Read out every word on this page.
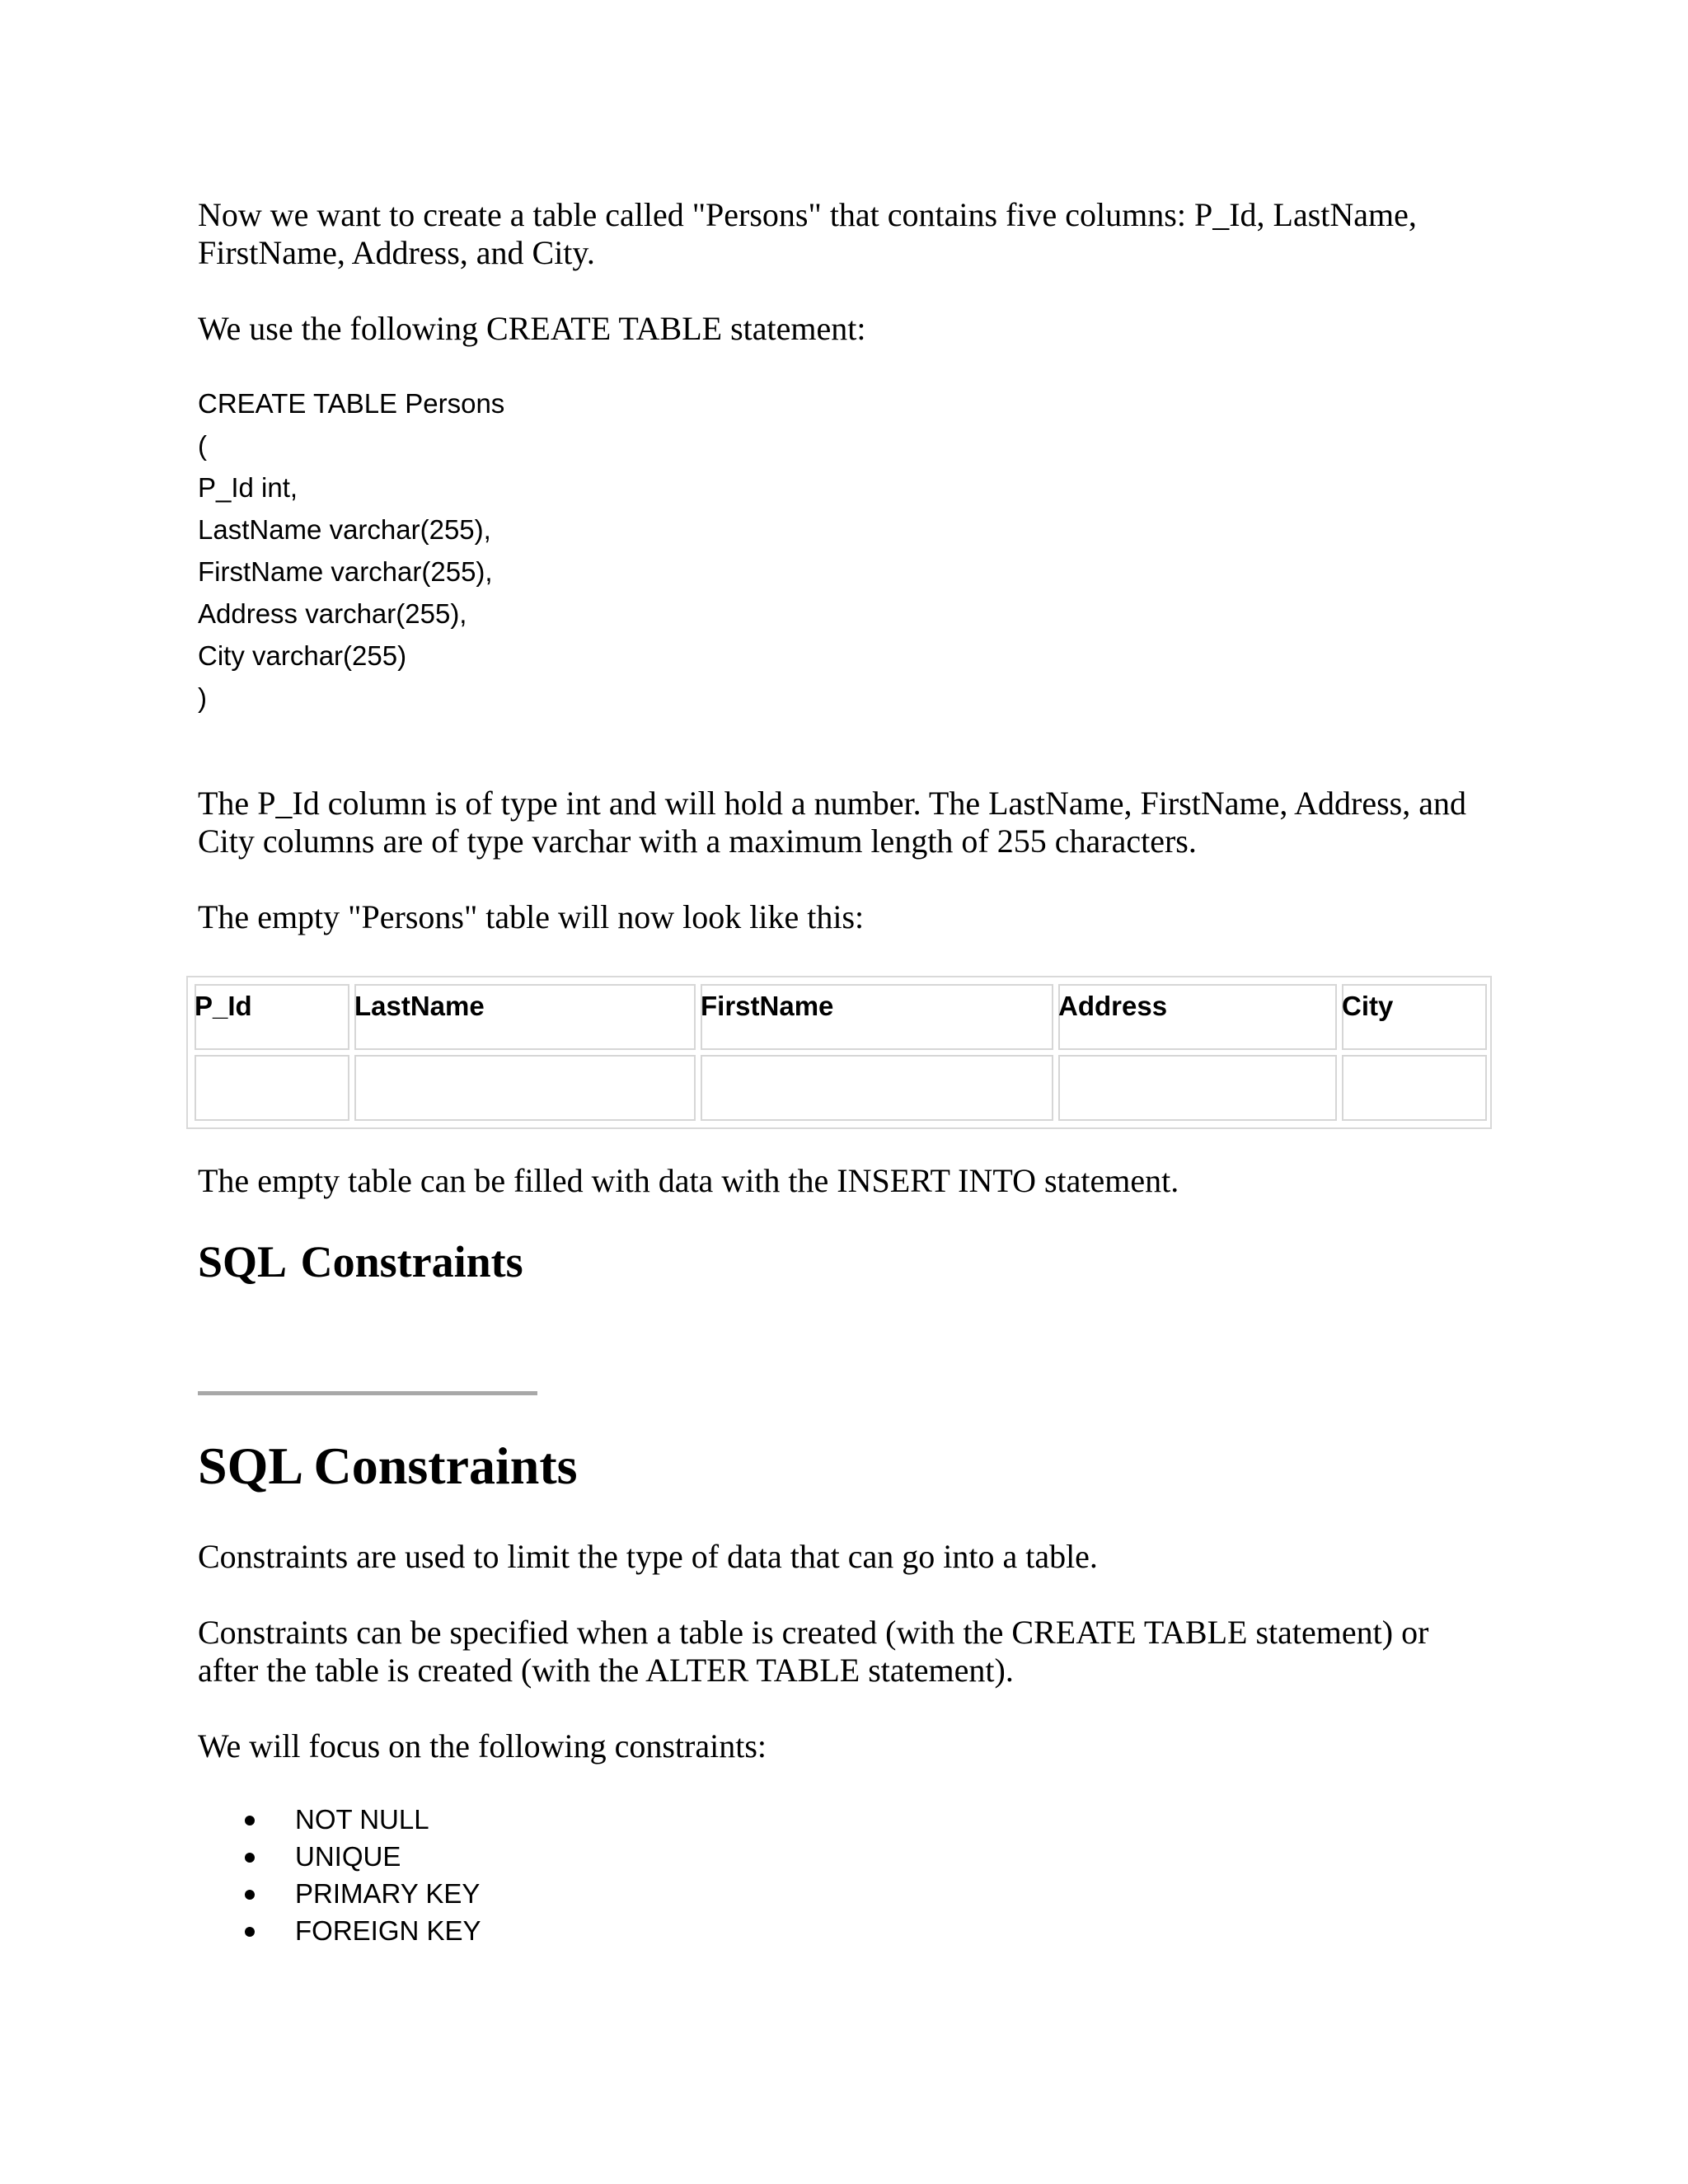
Now we want to create a table called "Persons" that contains five columns: P_Id, LastName,
FirstName, Address, and City.

We use the following CREATE TABLE statement:

CREATE TABLE Persons
(
P_Id int,
LastName varchar(255),
FirstName varchar(255),
Address varchar(255),
City varchar(255)
)

The P_Id column is of type int and will hold a number. The LastName, FirstName, Address, and
City columns are of type varchar with a maximum length of 255 characters.

The empty "Persons" table will now look like this:

P_Id	LastName	FirstName	Address	City

The empty table can be filled with data with the INSERT INTO statement.

SQL Constraints
SQL Constraints

Constraints are used to limit the type of data that can go into a table.

Constraints can be specified when a table is created (with the CREATE TABLE statement) or
after the table is created (with the ALTER TABLE statement).

We will focus on the following constraints:

NOT NULL
UNIQUE
PRIMARY KEY
FOREIGN KEY
